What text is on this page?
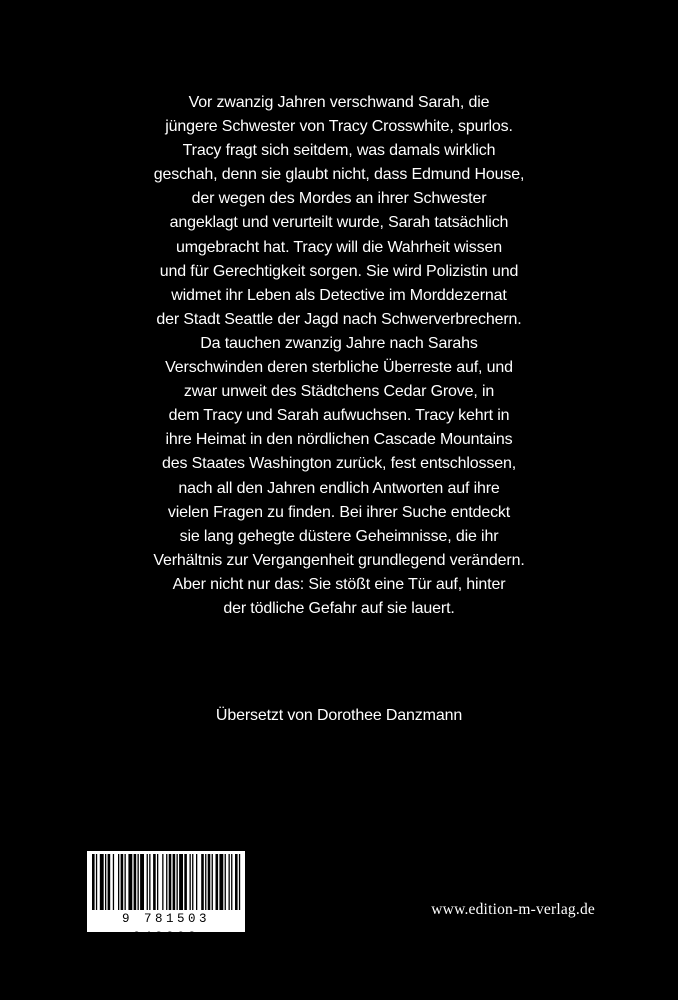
Vor zwanzig Jahren verschwand Sarah, die
jüngere Schwester von Tracy Crosswhite, spurlos.
Tracy fragt sich seitdem, was damals wirklich
geschah, denn sie glaubt nicht, dass Edmund House,
der wegen des Mordes an ihrer Schwester
angeklagt und verurteilt wurde, Sarah tatsächlich
umgebracht hat. Tracy will die Wahrheit wissen
und für Gerechtigkeit sorgen. Sie wird Polizistin und
widmet ihr Leben als Detective im Morddezernat
der Stadt Seattle der Jagd nach Schwerverbrechern.
Da tauchen zwanzig Jahre nach Sarahs
Verschwinden deren sterbliche Überreste auf, und
zwar unweit des Städtchens Cedar Grove, in
dem Tracy und Sarah aufwuchsen. Tracy kehrt in
ihre Heimat in den nördlichen Cascade Mountains
des Staates Washington zurück, fest entschlossen,
nach all den Jahren endlich Antworten auf ihre
vielen Fragen zu finden. Bei ihrer Suche entdeckt
sie lang gehegte düstere Geheimnisse, die ihr
Verhältnis zur Vergangenheit grundlegend verändern.
Aber nicht nur das: Sie stößt eine Tür auf, hinter
der tödliche Gefahr auf sie lauert.

Übersetzt von Dorothee Danzmann

9 781503 948303
www.edition-m-verlag.de
